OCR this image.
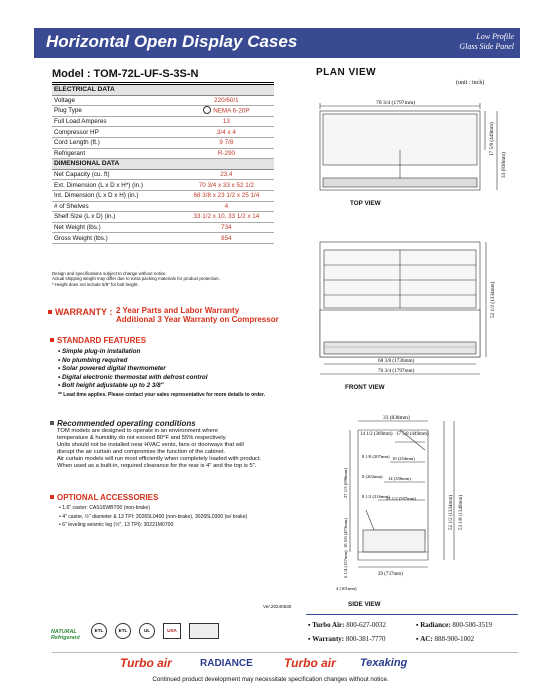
Horizontal Open Display Cases	Low Profile
Glass Side Panel
Model : TOM-72L-UF-S-3S-N	PLAN VIEW
(unit : inch)
ELECTRICAL DATA	
Voltage	220/60/1
Plug Type	NEMA 6-20P
Full Load Amperes	13
Compressor HP	3/4 x 4
Cord Length (ft.)	9 7/8
Refrigerant	R-290
DIMENSIONAL DATA	
Net Capacity (cu. ft)	23.4
Ext. Dimension (L x D x H*) (in.)	70 3/4 x 33 x 52 1/2
Int. Dimension (L x D x H) (in.)	68 3/8 x 23 1/2 x 25 1/4
# of Shelves	4
Shelf Size (L x D) (in.)	33 1/2 x 10, 33 1/2 x 14
Net Weight (lbs.)	734
Gross Weight (lbs.)	854
Design and specifications subject to change without notice.
Actual shipping weight may differ due to extra packing materials for product protection.
* Height does not include 5/8" for bolt height.
WARRANTY : 2 Year Parts and Labor Warranty
Additional 3 Year Warranty on Compressor
STANDARD FEATURES
• Simple plug-in installation
• No plumbing required
• Solar powered digital thermometer
• Digital electronic thermostat with defrost control
• Bolt height adjustable up to 2 3/8"
** Lead time applies. Please contact your sales representative for more details to order.
Recommended operating conditions
TOM models are designed to operate in an environment where
temperature & humidity do not exceed 80°F and 55% respectively.
Units should not be installed near HVAC vents, fans or doorways that will
disrupt the air curtain and compromise the function of the cabinet.
Air curtain models will run most efficiently when completely loaded with product.
When used as a built-in, required clearance for the rear is 4" and the top is 5".
OPTIONAL ACCESSORIES
• 1.6" caster: CAS16WBT00 (non-brake)
• 4" caster, ½" diameter & 13 TPI: 30265L0400 (non-brake), 30265L0300 (w/ brake)
• 6" leveling seismic leg (½", 13 TPI): 30221M0700
70 3/4 (1797mm)
17 5/8 (449mm)
33 (838mm)
52 1/2 (1334mm)
68 3/8 (1736mm)
70 3/4 (1797mm)
33 (838mm)
14 1/2 (369mm) 17 5/8 (449mm)
8 1/8 (207mm) 10 (254mm)
8 (202mm) 14 (356mm)
8 1/2 (216mm)
23 1/2 (597mm)
27 1/2 (698mm)
18 5/8 (473mm)
6 1/4 (157mm)
4 (101mm)
29 (737mm)
52 1/2 (1334mm) 53 1/8 (1349mm)
TOP VIEW
FRONT VIEW
SIDE VIEW
Ver.20240530
▪ Turbo Air: 800-627-0032	▪ Radiance: 800-500-3519
▪ Warranty: 800-381-7770	▪ AC: 888-900-1002
NATURAL
Refrigerant
ETL	ETL	UL	USA
Turbo air	RADIANCE	Turbo air Texaking
Continued product development may necessitate specification changes without notice.
